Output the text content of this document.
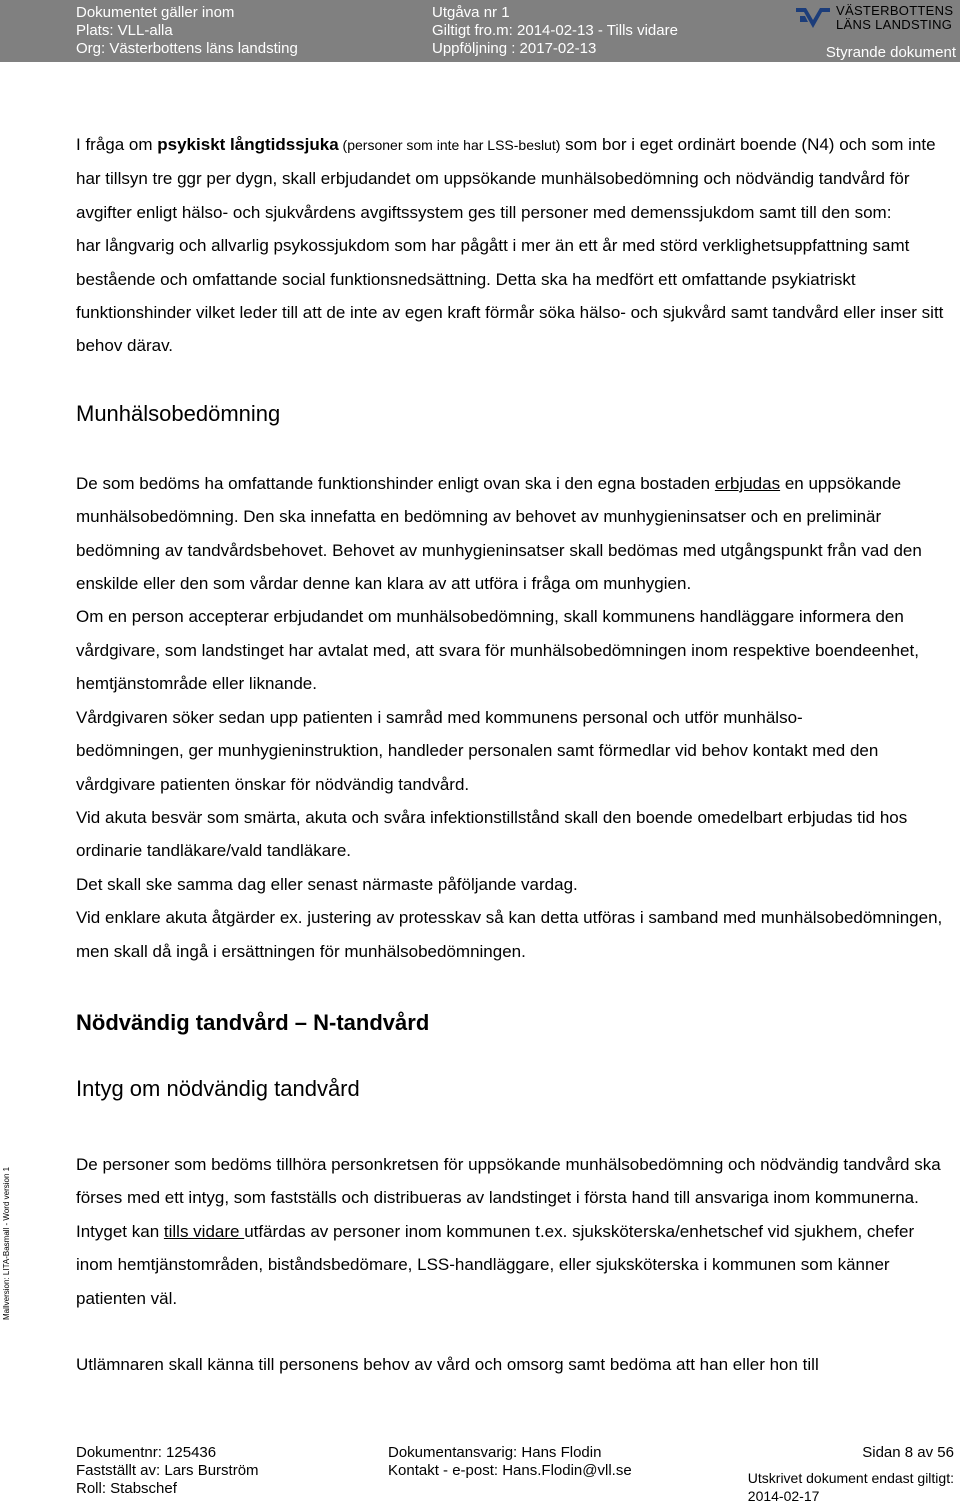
Dokumentet gäller inom
Plats: VLL-alla
Org: Västerbottens läns landsting
Utgåva nr 1
Giltigt fro.m: 2014-02-13 - Tills vidare
Uppföljning : 2017-02-13
VÄSTERBOTTENS
LÄNS LANDSTING
Styrande dokument
Riktlinjer

I fråga om psykiskt långtidssjuka (personer som inte har LSS-beslut) som bor i eget ordinärt boende (N4) och som inte har tillsyn tre ggr per dygn, skall erbjudandet om uppsökande munhälsobedömning och nödvändig tandvård för avgifter enligt hälso- och sjukvårdens avgiftssystem ges till personer med demenssjukdom samt till den som:

har långvarig och allvarlig psykossjukdom som har pågått i mer än ett år med störd verklighetsuppfattning samt bestående och omfattande social funktionsnedsättning. Detta ska ha medfört ett omfattande psykiatriskt funktionshinder vilket leder till att de inte av egen kraft förmår söka hälso- och sjukvård samt tandvård eller inser sitt behov därav.

Munhälsobedömning

De som bedöms ha omfattande funktionshinder enligt ovan ska i den egna bostaden erbjudas en uppsökande munhälsobedömning. Den ska innefatta en bedömning av behovet av munhygieninsatser och en preliminär bedömning av tandvårdsbehovet. Behovet av munhygieninsatser skall bedömas med utgångspunkt från vad den enskilde eller den som vårdar denne kan klara av att utföra i fråga om munhygien.

Om en person accepterar erbjudandet om munhälsobedömning, skall kommunens handläggare informera den vårdgivare, som landstinget har avtalat med, att svara för munhälsobedömningen inom respektive boendeenhet, hemtjänstområde eller liknande.

Vårdgivaren söker sedan upp patienten i samråd med kommunens personal och utför munhälso-
bedömningen, ger munhygieninstruktion, handleder personalen samt förmedlar vid behov kontakt med den vårdgivare patienten önskar för nödvändig tandvård.

Vid akuta besvär som smärta, akuta och svåra infektionstillstånd skall den boende omedelbart erbjudas tid hos ordinarie tandläkare/vald tandläkare.

Det skall ske samma dag eller senast närmaste påföljande vardag.

Vid enklare akuta åtgärder ex. justering av protesskav så kan detta utföras i samband med munhälsobedömningen, men skall då ingå i ersättningen för munhälsobedömningen.

Nödvändig tandvård – N-tandvård
Intyg om nödvändig tandvård

De personer som bedöms tillhöra personkretsen för uppsökande munhälsobedömning och nödvändig tandvård ska förses med ett intyg, som fastställs och distribueras av landstinget i första hand till ansvariga inom kommunerna. Intyget kan tills vidare utfärdas av personer inom kommunen t.ex. sjuksköterska/enhetschef vid sjukhem, chefer inom hemtjänstområden, biståndsbedömare, LSS-handläggare, eller sjuksköterska i kommunen som känner patienten väl.

Utlämnaren skall känna till personens behov av vård och omsorg samt bedöma att han eller hon till

Mallversion: LITA-Basmall - Word version 1
Dokumentnr: 125436
Fastställt av: Lars Burström
Roll: Stabschef
Dokumentansvarig: Hans Flodin
Kontakt - e-post: Hans.Flodin@vll.se
Sidan 8 av 56
Utskrivet dokument endast giltigt:
2014-02-17
